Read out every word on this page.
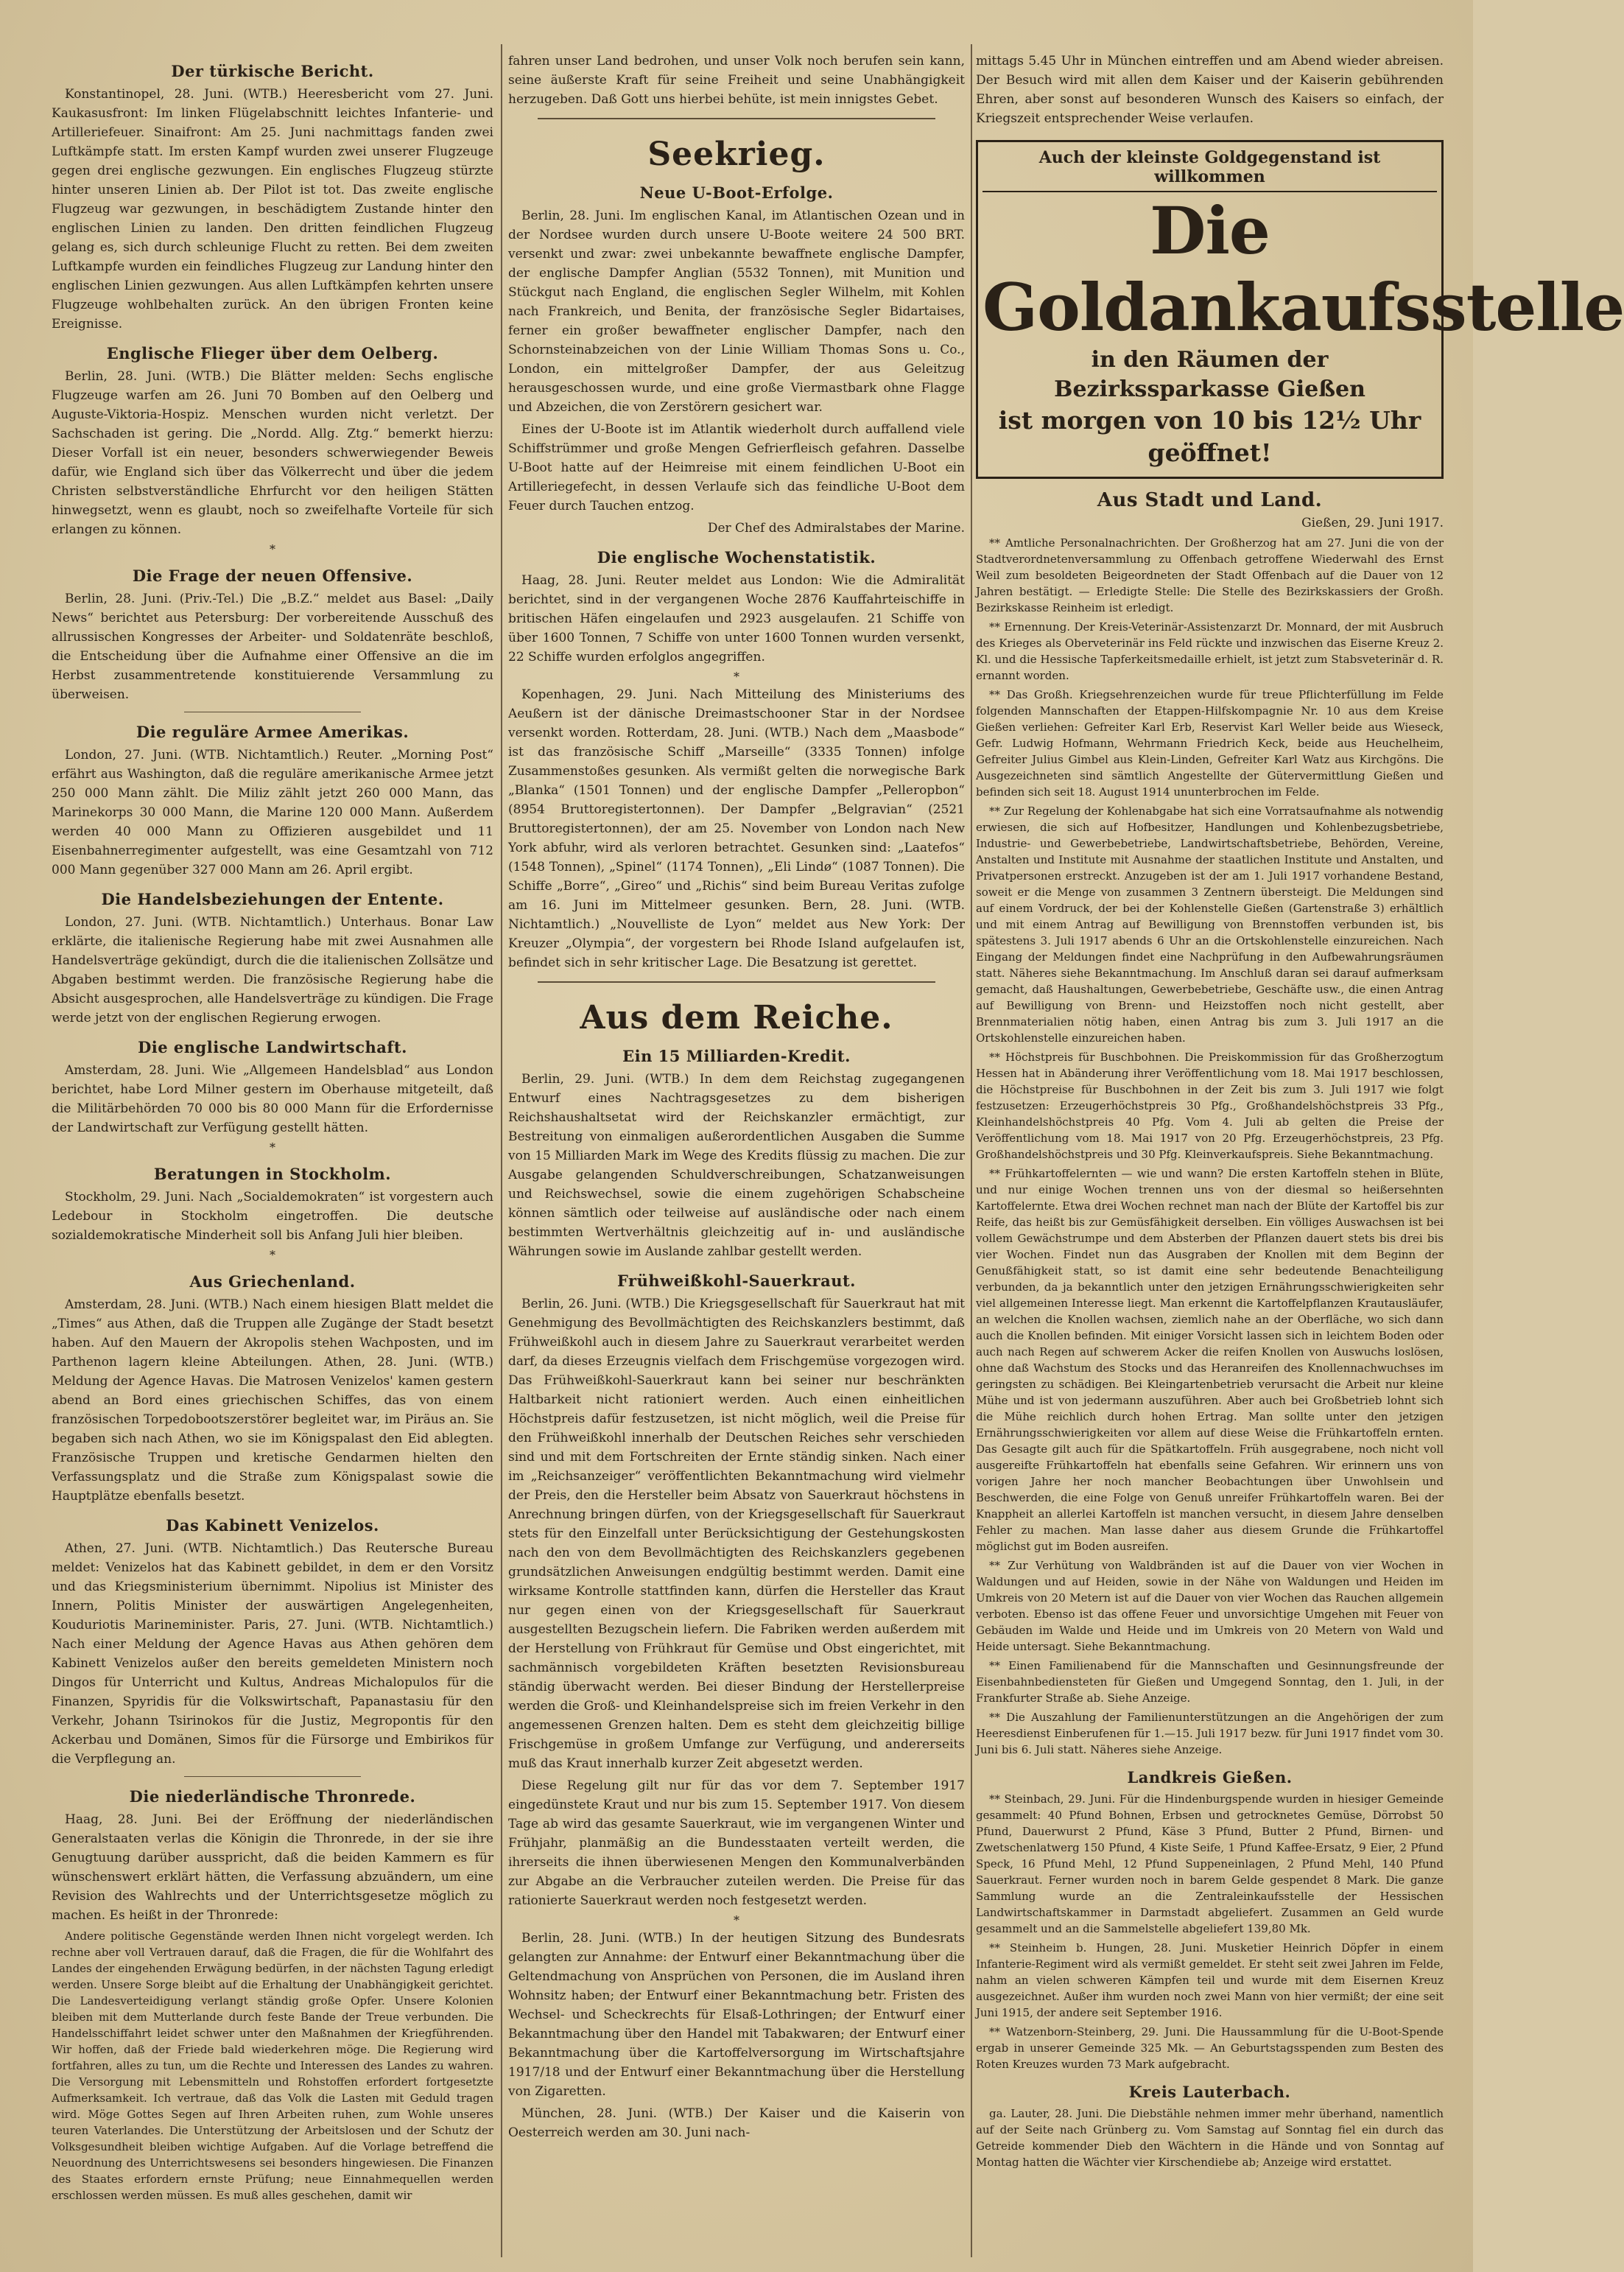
Der türkische Bericht.

Konstantinopel, 28. Juni. (WTB.) Heeresbericht vom 27. Juni. Kaukasusfront: Im linken Flügelabschnitt leichtes Infanterie- und Artilleriefeuer. Sinaifront: Am 25. Juni nachmittags fanden zwei Luftkämpfe statt. Im ersten Kampf wurden zwei unserer Flugzeuge gegen drei englische gezwungen. Ein englisches Flugzeug stürzte hinter unseren Linien ab. Der Pilot ist tot. Das zweite englische Flugzeug war gezwungen, in beschädigtem Zustande hinter den englischen Linien zu landen. Den dritten feindlichen Flugzeug gelang es, sich durch schleunige Flucht zu retten. Bei dem zweiten Luftkampfe wurden ein feindliches Flugzeug zur Landung hinter den englischen Linien gezwungen. Aus allen Luftkämpfen kehrten unsere Flugzeuge wohlbehalten zurück. An den übrigen Fronten keine Ereignisse.

Englische Flieger über dem Oelberg.

Berlin, 28. Juni. (WTB.) Die Blätter melden: Sechs englische Flugzeuge warfen am 26. Juni 70 Bomben auf den Oelberg und Auguste-Viktoria-Hospiz. Menschen wurden nicht verletzt. Der Sachschaden ist gering. Die „Nordd. Allg. Ztg.“ bemerkt hierzu: Dieser Vorfall ist ein neuer, besonders schwerwiegender Beweis dafür, wie England sich über das Völkerrecht und über die jedem Christen selbstverständliche Ehrfurcht vor den heiligen Stätten hinwegsetzt, wenn es glaubt, noch so zweifelhafte Vorteile für sich erlangen zu können.

*
Die Frage der neuen Offensive.

Berlin, 28. Juni. (Priv.-Tel.) Die „B.Z.“ meldet aus Basel: „Daily News“ berichtet aus Petersburg: Der vorbereitende Ausschuß des allrussischen Kongresses der Arbeiter- und Soldatenräte beschloß, die Entscheidung über die Aufnahme einer Offensive an die im Herbst zusammentretende konstituierende Versammlung zu überweisen.

Die reguläre Armee Amerikas.

London, 27. Juni. (WTB. Nichtamtlich.) Reuter. „Morning Post“ erfährt aus Washington, daß die reguläre amerikanische Armee jetzt 250 000 Mann zählt. Die Miliz zählt jetzt 260 000 Mann, das Marinekorps 30 000 Mann, die Marine 120 000 Mann. Außerdem werden 40 000 Mann zu Offizieren ausgebildet und 11 Eisenbahnerregimenter aufgestellt, was eine Gesamtzahl von 712 000 Mann gegenüber 327 000 Mann am 26. April ergibt.

Die Handelsbeziehungen der Entente.

London, 27. Juni. (WTB. Nichtamtlich.) Unterhaus. Bonar Law erklärte, die italienische Regierung habe mit zwei Ausnahmen alle Handelsverträge gekündigt, durch die die italienischen Zollsätze und Abgaben bestimmt werden. Die französische Regierung habe die Absicht ausgesprochen, alle Handelsverträge zu kündigen. Die Frage werde jetzt von der englischen Regierung erwogen.

Die englische Landwirtschaft.

Amsterdam, 28. Juni. Wie „Allgemeen Handelsblad“ aus London berichtet, habe Lord Milner gestern im Oberhause mitgeteilt, daß die Militärbehörden 70 000 bis 80 000 Mann für die Erfordernisse der Landwirtschaft zur Verfügung gestellt hätten.

*
Beratungen in Stockholm.

Stockholm, 29. Juni. Nach „Socialdemokraten“ ist vorgestern auch Ledebour in Stockholm eingetroffen. Die deutsche sozialdemokratische Minderheit soll bis Anfang Juli hier bleiben.

*
Aus Griechenland.

Amsterdam, 28. Juni. (WTB.) Nach einem hiesigen Blatt meldet die „Times“ aus Athen, daß die Truppen alle Zugänge der Stadt besetzt haben. Auf den Mauern der Akropolis stehen Wachposten, und im Parthenon lagern kleine Abteilungen. Athen, 28. Juni. (WTB.) Meldung der Agence Havas. Die Matrosen Venizelos' kamen gestern abend an Bord eines griechischen Schiffes, das von einem französischen Torpedobootszerstörer begleitet war, im Piräus an. Sie begaben sich nach Athen, wo sie im Königspalast den Eid ablegten. Französische Truppen und kretische Gendarmen hielten den Verfassungsplatz und die Straße zum Königspalast sowie die Hauptplätze ebenfalls besetzt.

Das Kabinett Venizelos.

Athen, 27. Juni. (WTB. Nichtamtlich.) Das Reutersche Bureau meldet: Venizelos hat das Kabinett gebildet, in dem er den Vorsitz und das Kriegsministerium übernimmt. Nipolius ist Minister des Innern, Politis Minister der auswärtigen Angelegenheiten, Kouduriotis Marineminister. Paris, 27. Juni. (WTB. Nichtamtlich.) Nach einer Meldung der Agence Havas aus Athen gehören dem Kabinett Venizelos außer den bereits gemeldeten Ministern noch Dingos für Unterricht und Kultus, Andreas Michalopulos für die Finanzen, Spyridis für die Volkswirtschaft, Papanastasiu für den Verkehr, Johann Tsirinokos für die Justiz, Megropontis für den Ackerbau und Domänen, Simos für die Fürsorge und Embirikos für die Verpflegung an.

Die niederländische Thronrede.

Haag, 28. Juni. Bei der Eröffnung der niederländischen Generalstaaten verlas die Königin die Thronrede, in der sie ihre Genugtuung darüber ausspricht, daß die beiden Kammern es für wünschenswert erklärt hätten, die Verfassung abzuändern, um eine Revision des Wahlrechts und der Unterrichtsgesetze möglich zu machen. Es heißt in der Thronrede:

Andere politische Gegenstände werden Ihnen nicht vorgelegt werden. Ich rechne aber voll Vertrauen darauf, daß die Fragen, die für die Wohlfahrt des Landes der eingehenden Erwägung bedürfen, in der nächsten Tagung erledigt werden. Unsere Sorge bleibt auf die Erhaltung der Unabhängigkeit gerichtet. Die Landesverteidigung verlangt ständig große Opfer. Unsere Kolonien bleiben mit dem Mutterlande durch feste Bande der Treue verbunden. Die Handelsschiffahrt leidet schwer unter den Maßnahmen der Kriegführenden. Wir hoffen, daß der Friede bald wiederkehren möge. Die Regierung wird fortfahren, alles zu tun, um die Rechte und Interessen des Landes zu wahren. Die Versorgung mit Lebensmitteln und Rohstoffen erfordert fortgesetzte Aufmerksamkeit. Ich vertraue, daß das Volk die Lasten mit Geduld tragen wird. Möge Gottes Segen auf Ihren Arbeiten ruhen, zum Wohle unseres teuren Vaterlandes. Die Unterstützung der Arbeitslosen und der Schutz der Volksgesundheit bleiben wichtige Aufgaben. Auf die Vorlage betreffend die Neuordnung des Unterrichtswesens sei besonders hingewiesen. Die Finanzen des Staates erfordern ernste Prüfung; neue Einnahmequellen werden erschlossen werden müssen. Es muß alles geschehen, damit wir

fahren unser Land bedrohen, und unser Volk noch berufen sein kann, seine äußerste Kraft für seine Freiheit und seine Unabhängigkeit herzugeben. Daß Gott uns hierbei behüte, ist mein innigstes Gebet.

Seekrieg.
Neue U-Boot-Erfolge.

Berlin, 28. Juni. Im englischen Kanal, im Atlantischen Ozean und in der Nordsee wurden durch unsere U-Boote weitere 24 500 BRT. versenkt und zwar: zwei unbekannte bewaffnete englische Dampfer, der englische Dampfer Anglian (5532 Tonnen), mit Munition und Stückgut nach England, die englischen Segler Wilhelm, mit Kohlen nach Frankreich, und Benita, der französische Segler Bidartaises, ferner ein großer bewaffneter englischer Dampfer, nach den Schornsteinabzeichen von der Linie William Thomas Sons u. Co., London, ein mittelgroßer Dampfer, der aus Geleitzug herausgeschossen wurde, und eine große Viermastbark ohne Flagge und Abzeichen, die von Zerstörern gesichert war.

Eines der U-Boote ist im Atlantik wiederholt durch auffallend viele Schiffstrümmer und große Mengen Gefrierfleisch gefahren. Dasselbe U-Boot hatte auf der Heimreise mit einem feindlichen U-Boot ein Artilleriegefecht, in dessen Verlaufe sich das feindliche U-Boot dem Feuer durch Tauchen entzog.

Der Chef des Admiralstabes der Marine.

Die englische Wochenstatistik.

Haag, 28. Juni. Reuter meldet aus London: Wie die Admiralität berichtet, sind in der vergangenen Woche 2876 Kauffahrteischiffe in britischen Häfen eingelaufen und 2923 ausgelaufen. 21 Schiffe von über 1600 Tonnen, 7 Schiffe von unter 1600 Tonnen wurden versenkt, 22 Schiffe wurden erfolglos angegriffen.

*

Kopenhagen, 29. Juni. Nach Mitteilung des Ministeriums des Aeußern ist der dänische Dreimastschooner Star in der Nordsee versenkt worden. Rotterdam, 28. Juni. (WTB.) Nach dem „Maasbode“ ist das französische Schiff „Marseille“ (3335 Tonnen) infolge Zusammenstoßes gesunken. Als vermißt gelten die norwegische Bark „Blanka“ (1501 Tonnen) und der englische Dampfer „Pelleropbon“ (8954 Bruttoregistertonnen). Der Dampfer „Belgravian“ (2521 Bruttoregistertonnen), der am 25. November von London nach New York abfuhr, wird als verloren betrachtet. Gesunken sind: „Laatefos“ (1548 Tonnen), „Spinel“ (1174 Tonnen), „Eli Lindø“ (1087 Tonnen). Die Schiffe „Borre“, „Gireo“ und „Richis“ sind beim Bureau Veritas zufolge am 16. Juni im Mittelmeer gesunken. Bern, 28. Juni. (WTB. Nichtamtlich.) „Nouvelliste de Lyon“ meldet aus New York: Der Kreuzer „Olympia“, der vorgestern bei Rhode Island aufgelaufen ist, befindet sich in sehr kritischer Lage. Die Besatzung ist gerettet.

Aus dem Reiche.
Ein 15 Milliarden-Kredit.

Berlin, 29. Juni. (WTB.) In dem dem Reichstag zugegangenen Entwurf eines Nachtragsgesetzes zu dem bisherigen Reichshaushaltsetat wird der Reichskanzler ermächtigt, zur Bestreitung von einmaligen außerordentlichen Ausgaben die Summe von 15 Milliarden Mark im Wege des Kredits flüssig zu machen. Die zur Ausgabe gelangenden Schuldverschreibungen, Schatzanweisungen und Reichswechsel, sowie die einem zugehörigen Schabscheine können sämtlich oder teilweise auf ausländische oder nach einem bestimmten Wertverhältnis gleichzeitig auf in- und ausländische Währungen sowie im Auslande zahlbar gestellt werden.

Frühweißkohl-Sauerkraut.

Berlin, 26. Juni. (WTB.) Die Kriegsgesellschaft für Sauerkraut hat mit Genehmigung des Bevollmächtigten des Reichskanzlers bestimmt, daß Frühweißkohl auch in diesem Jahre zu Sauerkraut verarbeitet werden darf, da dieses Erzeugnis vielfach dem Frischgemüse vorgezogen wird. Das Frühweißkohl-Sauerkraut kann bei seiner nur beschränkten Haltbarkeit nicht rationiert werden. Auch einen einheitlichen Höchstpreis dafür festzusetzen, ist nicht möglich, weil die Preise für den Frühweißkohl innerhalb der Deutschen Reiches sehr verschieden sind und mit dem Fortschreiten der Ernte ständig sinken. Nach einer im „Reichsanzeiger“ veröffentlichten Bekanntmachung wird vielmehr der Preis, den die Hersteller beim Absatz von Sauerkraut höchstens in Anrechnung bringen dürfen, von der Kriegsgesellschaft für Sauerkraut stets für den Einzelfall unter Berücksichtigung der Gestehungskosten nach den von dem Bevollmächtigten des Reichskanzlers gegebenen grundsätzlichen Anweisungen endgültig bestimmt werden. Damit eine wirksame Kontrolle stattfinden kann, dürfen die Hersteller das Kraut nur gegen einen von der Kriegsgesellschaft für Sauerkraut ausgestellten Bezugschein liefern. Die Fabriken werden außerdem mit der Herstellung von Frühkraut für Gemüse und Obst eingerichtet, mit sachmännisch vorgebildeten Kräften besetzten Revisionsbureau ständig überwacht werden. Bei dieser Bindung der Herstellerpreise werden die Groß- und Kleinhandelspreise sich im freien Verkehr in den angemessenen Grenzen halten. Dem es steht dem gleichzeitig billige Frischgemüse in großem Umfange zur Verfügung, und andererseits muß das Kraut innerhalb kurzer Zeit abgesetzt werden.

Diese Regelung gilt nur für das vor dem 7. September 1917 eingedünstete Kraut und nur bis zum 15. September 1917. Von diesem Tage ab wird das gesamte Sauerkraut, wie im vergangenen Winter und Frühjahr, planmäßig an die Bundesstaaten verteilt werden, die ihrerseits die ihnen überwiesenen Mengen den Kommunalverbänden zur Abgabe an die Verbraucher zuteilen werden. Die Preise für das rationierte Sauerkraut werden noch festgesetzt werden.

*

Berlin, 28. Juni. (WTB.) In der heutigen Sitzung des Bundesrats gelangten zur Annahme: der Entwurf einer Bekanntmachung über die Geltendmachung von Ansprüchen von Personen, die im Ausland ihren Wohnsitz haben; der Entwurf einer Bekanntmachung betr. Fristen des Wechsel- und Scheckrechts für Elsaß-Lothringen; der Entwurf einer Bekanntmachung über den Handel mit Tabakwaren; der Entwurf einer Bekanntmachung über die Kartoffelversorgung im Wirtschaftsjahre 1917/18 und der Entwurf einer Bekanntmachung über die Herstellung von Zigaretten.

München, 28. Juni. (WTB.) Der Kaiser und die Kaiserin von Oesterreich werden am 30. Juni nach-

mittags 5.45 Uhr in München eintreffen und am Abend wieder abreisen. Der Besuch wird mit allen dem Kaiser und der Kaiserin gebührenden Ehren, aber sonst auf besonderen Wunsch des Kaisers so einfach, der Kriegszeit entsprechender Weise verlaufen.

Auch der kleinste Goldgegenstand ist willkommen
Die Goldankaufsstelle
in den Räumen der Bezirkssparkasse Gießen
ist morgen von 10 bis 12½ Uhr geöffnet!
Aus Stadt und Land.
Gießen, 29. Juni 1917.

** Amtliche Personalnachrichten. Der Großherzog hat am 27. Juni die von der Stadtverordnetenversammlung zu Offenbach getroffene Wiederwahl des Ernst Weil zum besoldeten Beigeordneten der Stadt Offenbach auf die Dauer von 12 Jahren bestätigt. — Erledigte Stelle: Die Stelle des Bezirkskassiers der Großh. Bezirkskasse Reinheim ist erledigt.

** Ernennung. Der Kreis-Veterinär-Assistenzarzt Dr. Monnard, der mit Ausbruch des Krieges als Oberveterinär ins Feld rückte und inzwischen das Eiserne Kreuz 2. Kl. und die Hessische Tapferkeitsmedaille erhielt, ist jetzt zum Stabsveterinär d. R. ernannt worden.

** Das Großh. Kriegsehrenzeichen wurde für treue Pflichterfüllung im Felde folgenden Mannschaften der Etappen-Hilfskompagnie Nr. 10 aus dem Kreise Gießen verliehen: Gefreiter Karl Erb, Reservist Karl Weller beide aus Wieseck, Gefr. Ludwig Hofmann, Wehrmann Friedrich Keck, beide aus Heuchelheim, Gefreiter Julius Gimbel aus Klein-Linden, Gefreiter Karl Watz aus Kirchgöns. Die Ausgezeichneten sind sämtlich Angestellte der Gütervermittlung Gießen und befinden sich seit 18. August 1914 ununterbrochen im Felde.

** Zur Regelung der Kohlenabgabe hat sich eine Vorratsaufnahme als notwendig erwiesen, die sich auf Hofbesitzer, Handlungen und Kohlenbezugsbetriebe, Industrie- und Gewerbebetriebe, Landwirtschaftsbetriebe, Behörden, Vereine, Anstalten und Institute mit Ausnahme der staatlichen Institute und Anstalten, und Privatpersonen erstreckt. Anzugeben ist der am 1. Juli 1917 vorhandene Bestand, soweit er die Menge von zusammen 3 Zentnern übersteigt. Die Meldungen sind auf einem Vordruck, der bei der Kohlenstelle Gießen (Gartenstraße 3) erhältlich und mit einem Antrag auf Bewilligung von Brennstoffen verbunden ist, bis spätestens 3. Juli 1917 abends 6 Uhr an die Ortskohlenstelle einzureichen. Nach Eingang der Meldungen findet eine Nachprüfung in den Aufbewahrungsräumen statt. Näheres siehe Bekanntmachung. Im Anschluß daran sei darauf aufmerksam gemacht, daß Haushaltungen, Gewerbebetriebe, Geschäfte usw., die einen Antrag auf Bewilligung von Brenn- und Heizstoffen noch nicht gestellt, aber Brennmaterialien nötig haben, einen Antrag bis zum 3. Juli 1917 an die Ortskohlenstelle einzureichen haben.

** Höchstpreis für Buschbohnen. Die Preiskommission für das Großherzogtum Hessen hat in Abänderung ihrer Veröffentlichung vom 18. Mai 1917 beschlossen, die Höchstpreise für Buschbohnen in der Zeit bis zum 3. Juli 1917 wie folgt festzusetzen: Erzeugerhöchstpreis 30 Pfg., Großhandelshöchstpreis 33 Pfg., Kleinhandelshöchstpreis 40 Pfg. Vom 4. Juli ab gelten die Preise der Veröffentlichung vom 18. Mai 1917 von 20 Pfg. Erzeugerhöchstpreis, 23 Pfg. Großhandelshöchstpreis und 30 Pfg. Kleinverkaufspreis. Siehe Bekanntmachung.

** Frühkartoffelernten — wie und wann? Die ersten Kartoffeln stehen in Blüte, und nur einige Wochen trennen uns von der diesmal so heißersehnten Kartoffelernte. Etwa drei Wochen rechnet man nach der Blüte der Kartoffel bis zur Reife, das heißt bis zur Gemüsfähigkeit derselben. Ein völliges Auswachsen ist bei vollem Gewächstrumpe und dem Absterben der Pflanzen dauert stets bis drei bis vier Wochen. Findet nun das Ausgraben der Knollen mit dem Beginn der Genußfähigkeit statt, so ist damit eine sehr bedeutende Benachteiligung verbunden, da ja bekanntlich unter den jetzigen Ernährungsschwierigkeiten sehr viel allgemeinen Interesse liegt. Man erkennt die Kartoffelpflanzen Krautausläufer, an welchen die Knollen wachsen, ziemlich nahe an der Oberfläche, wo sich dann auch die Knollen befinden. Mit einiger Vorsicht lassen sich in leichtem Boden oder auch nach Regen auf schwerem Acker die reifen Knollen von Auswuchs loslösen, ohne daß Wachstum des Stocks und das Heranreifen des Knollennachwuchses im geringsten zu schädigen. Bei Kleingartenbetrieb verursacht die Arbeit nur kleine Mühe und ist von jedermann auszuführen. Aber auch bei Großbetrieb lohnt sich die Mühe reichlich durch hohen Ertrag. Man sollte unter den jetzigen Ernährungsschwierigkeiten vor allem auf diese Weise die Frühkartoffeln ernten. Das Gesagte gilt auch für die Spätkartoffeln. Früh ausgegrabene, noch nicht voll ausgereifte Frühkartoffeln hat ebenfalls seine Gefahren. Wir erinnern uns von vorigen Jahre her noch mancher Beobachtungen über Unwohlsein und Beschwerden, die eine Folge von Genuß unreifer Frühkartoffeln waren. Bei der Knappheit an allerlei Kartoffeln ist manchen versucht, in diesem Jahre denselben Fehler zu machen. Man lasse daher aus diesem Grunde die Frühkartoffel möglichst gut im Boden ausreifen.

** Zur Verhütung von Waldbränden ist auf die Dauer von vier Wochen in Waldungen und auf Heiden, sowie in der Nähe von Waldungen und Heiden im Umkreis von 20 Metern ist auf die Dauer von vier Wochen das Rauchen allgemein verboten. Ebenso ist das offene Feuer und unvorsichtige Umgehen mit Feuer von Gebäuden im Walde und Heide und im Umkreis von 20 Metern von Wald und Heide untersagt. Siehe Bekanntmachung.

** Einen Familienabend für die Mannschaften und Gesinnungsfreunde der Eisenbahnbediensteten für Gießen und Umgegend Sonntag, den 1. Juli, in der Frankfurter Straße ab. Siehe Anzeige.

** Die Auszahlung der Familienunterstützungen an die Angehörigen der zum Heeresdienst Einberufenen für 1.—15. Juli 1917 bezw. für Juni 1917 findet vom 30. Juni bis 6. Juli statt. Näheres siehe Anzeige.

Landkreis Gießen.

** Steinbach, 29. Juni. Für die Hindenburgspende wurden in hiesiger Gemeinde gesammelt: 40 Pfund Bohnen, Erbsen und getrocknetes Gemüse, Dörrobst 50 Pfund, Dauerwurst 2 Pfund, Käse 3 Pfund, Butter 2 Pfund, Birnen- und Zwetschenlatwerg 150 Pfund, 4 Kiste Seife, 1 Pfund Kaffee-Ersatz, 9 Eier, 2 Pfund Speck, 16 Pfund Mehl, 12 Pfund Suppeneinlagen, 2 Pfund Mehl, 140 Pfund Sauerkraut. Ferner wurden noch in barem Gelde gespendet 8 Mark. Die ganze Sammlung wurde an die Zentraleinkaufsstelle der Hessischen Landwirtschaftskammer in Darmstadt abgeliefert. Zusammen an Geld wurde gesammelt und an die Sammelstelle abgeliefert 139,80 Mk.

** Steinheim b. Hungen, 28. Juni. Musketier Heinrich Döpfer in einem Infanterie-Regiment wird als vermißt gemeldet. Er steht seit zwei Jahren im Felde, nahm an vielen schweren Kämpfen teil und wurde mit dem Eisernen Kreuz ausgezeichnet. Außer ihm wurden noch zwei Mann von hier vermißt; der eine seit Juni 1915, der andere seit September 1916.

** Watzenborn-Steinberg, 29. Juni. Die Haussammlung für die U-Boot-Spende ergab in unserer Gemeinde 325 Mk. — An Geburtstagsspenden zum Besten des Roten Kreuzes wurden 73 Mark aufgebracht.

Kreis Lauterbach.

ga. Lauter, 28. Juni. Die Diebstähle nehmen immer mehr überhand, namentlich auf der Seite nach Grünberg zu. Vom Samstag auf Sonntag fiel ein durch das Getreide kommender Dieb den Wächtern in die Hände und von Sonntag auf Montag hatten die Wächter vier Kirschendiebe ab; Anzeige wird erstattet.
